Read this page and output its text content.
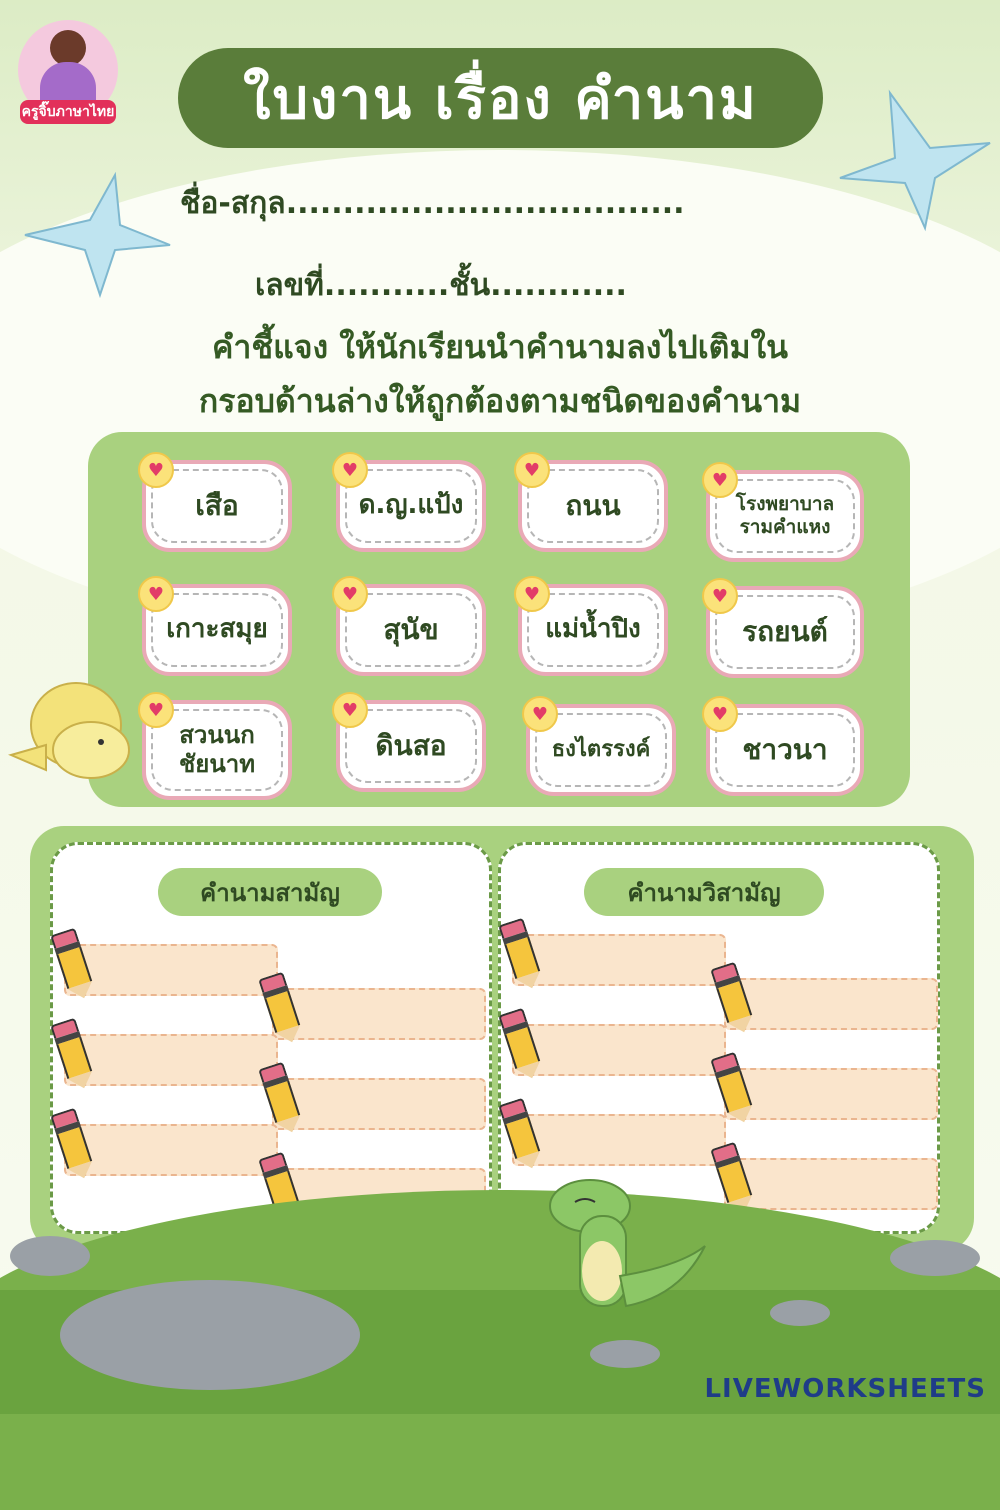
ครูจิ๊บภาษาไทย ใบงาน เรื่อง คำนาม
ชื่อ-สกุล...................................
เลขที่...........ชั้น............
คำชี้แจง ให้นักเรียนนำคำนามลงไปเติมใน
กรอบด้านล่างให้ถูกต้องตามชนิดของคำนาม
♥
เสือ
♥
ด.ญ.แป้ง
♥
ถนน
♥
โรงพยาบาลรามคำแหง
♥
เกาะสมุย
♥
สุนัข
♥
แม่น้ำปิง
♥
รถยนต์
♥
สวนนกชัยนาท
♥
ดินสอ
♥
ธงไตรรงค์
♥
ชาวนา
คำนามสามัญ	คำนามวิสามัญ
LIVEWORKSHEETS
